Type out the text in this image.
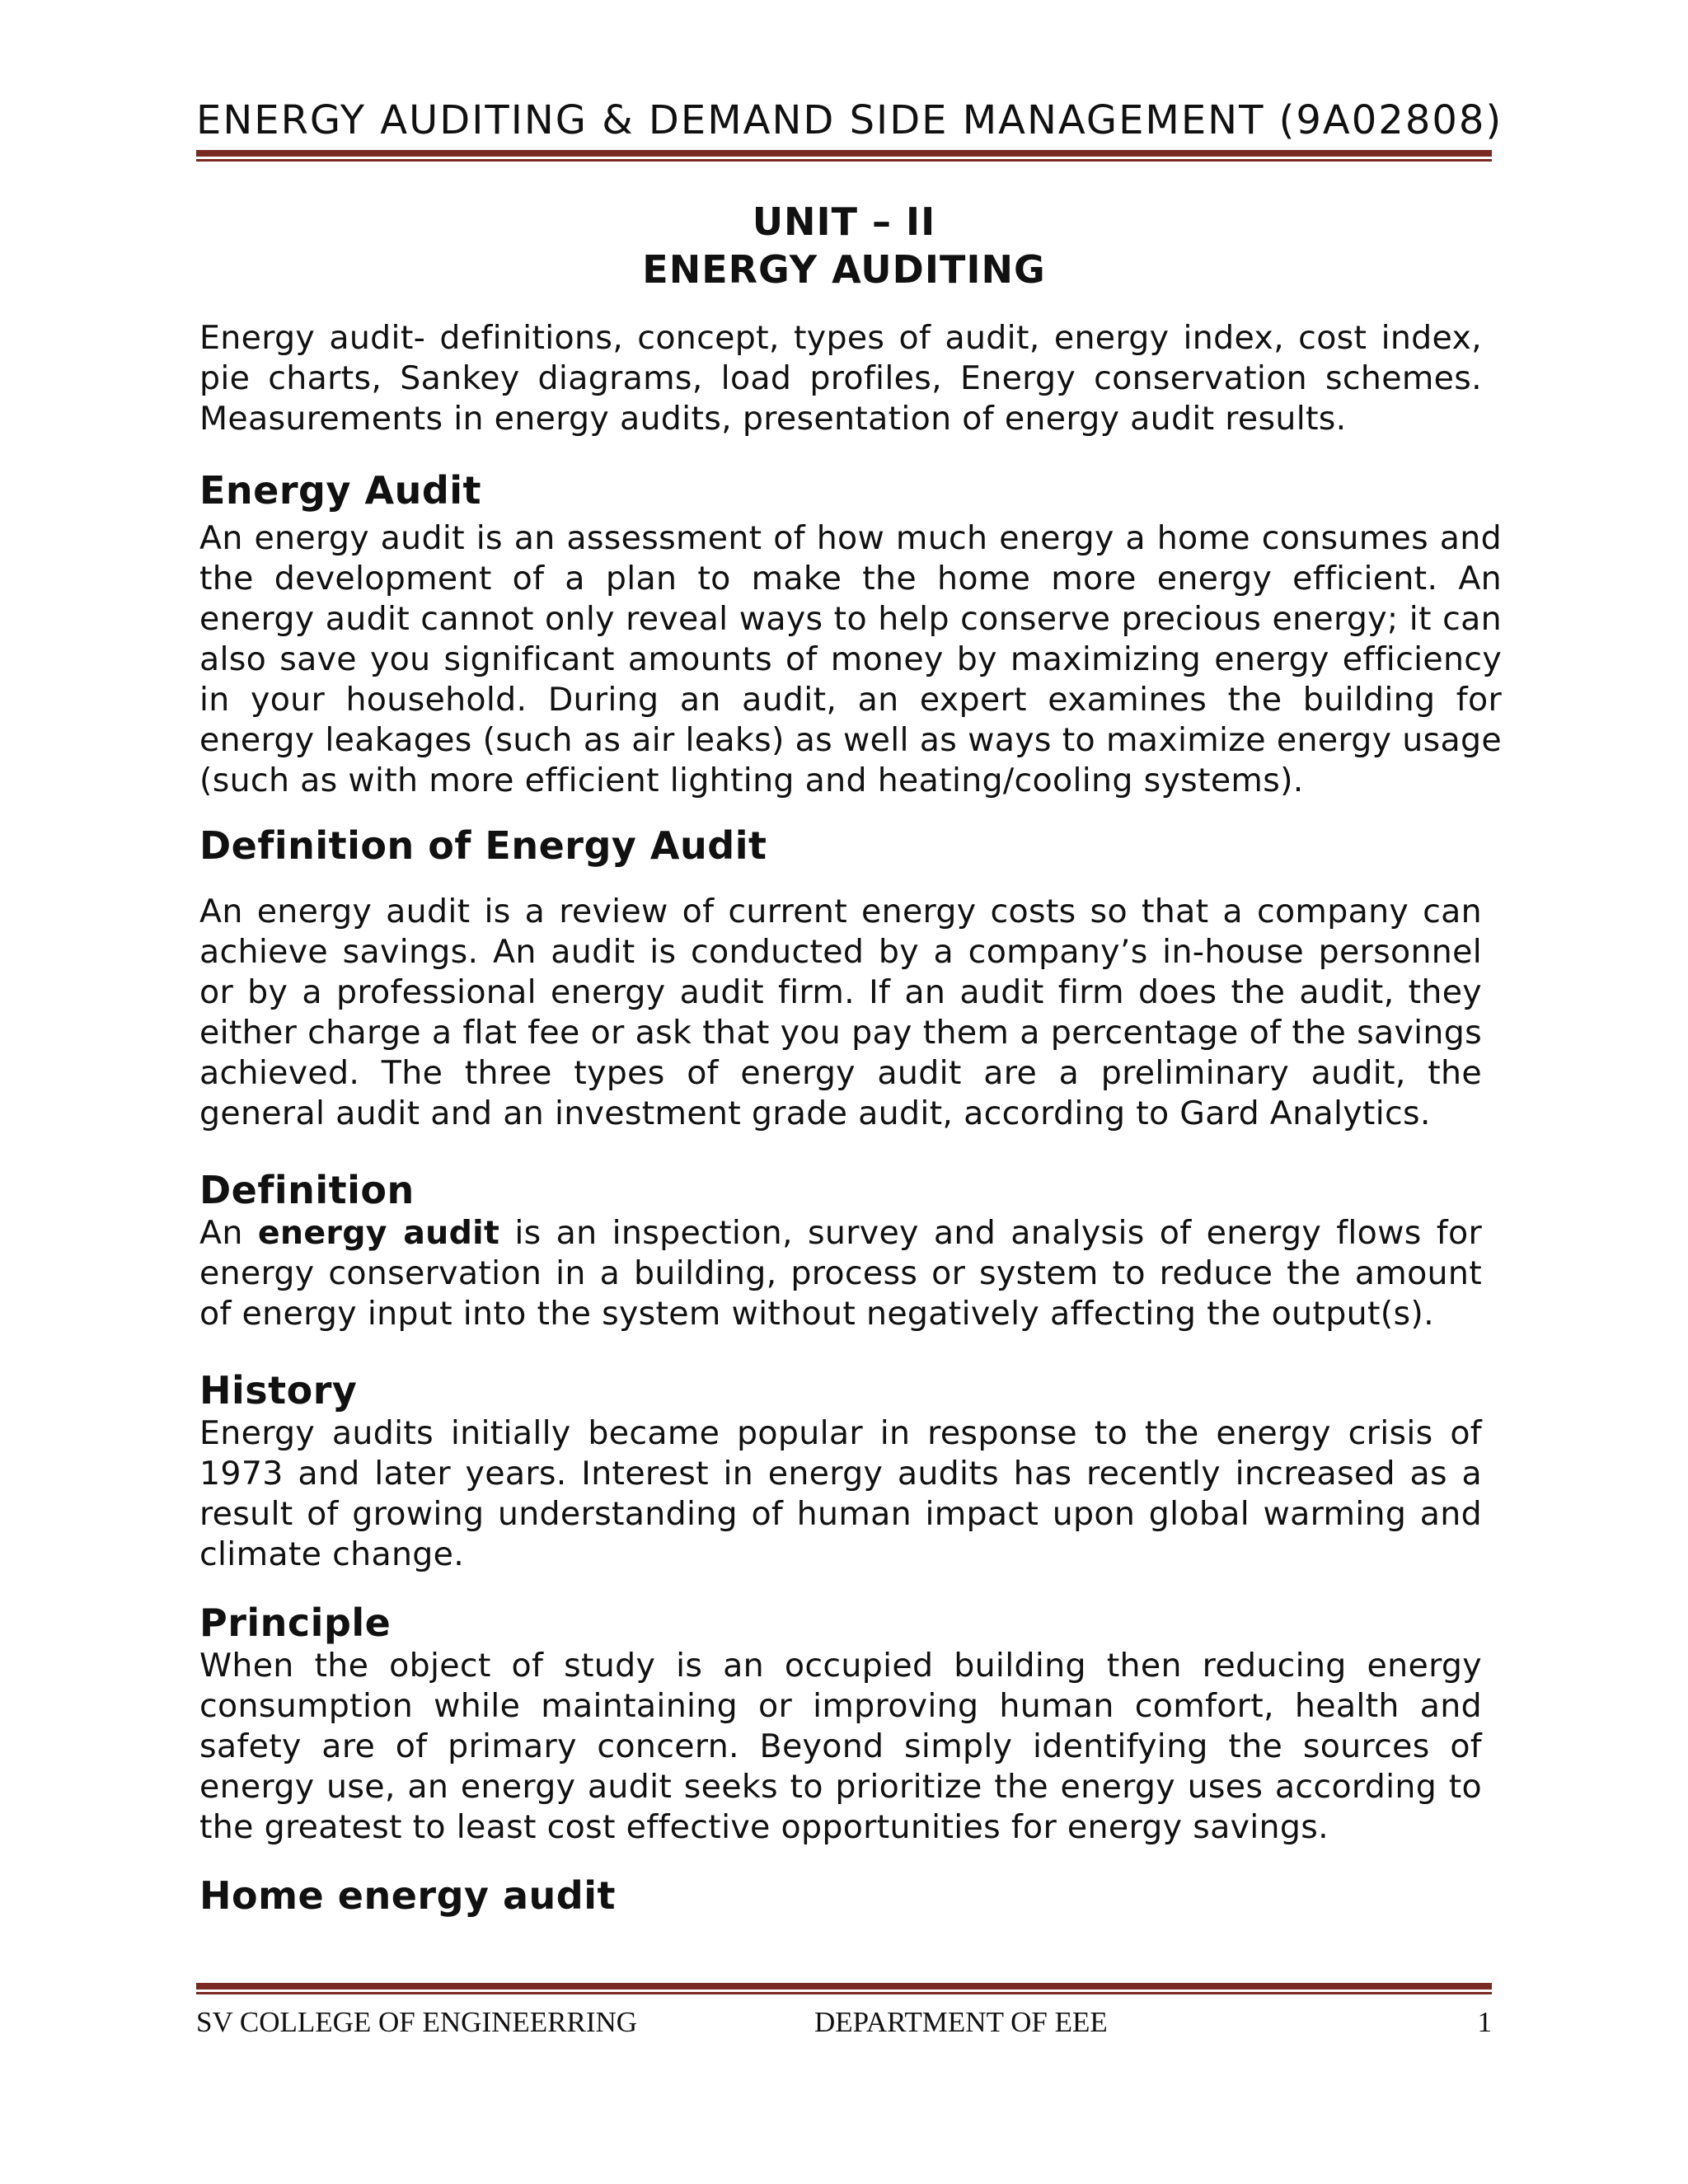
ENERGY AUDITING & DEMAND SIDE MANAGEMENT (9A02808)
UNIT – II
ENERGY AUDITING

Energy audit- definitions, concept, types of audit, energy index, cost index, pie charts, Sankey diagrams, load profiles, Energy conservation schemes. Measurements in energy audits, presentation of energy audit results.

Energy Audit

An energy audit is an assessment of how much energy a home consumes and the development of a plan to make the home more energy efficient. An energy audit cannot only reveal ways to help conserve precious energy; it can also save you significant amounts of money by maximizing energy efficiency in your household. During an audit, an expert examines the building for energy leakages (such as air leaks) as well as ways to maximize energy usage (such as with more efficient lighting and heating/cooling systems).

Definition of Energy Audit

An energy audit is a review of current energy costs so that a company can achieve savings. An audit is conducted by a company’s in-house personnel or by a professional energy audit firm. If an audit firm does the audit, they either charge a flat fee or ask that you pay them a percentage of the savings achieved. The three types of energy audit are a preliminary audit, the general audit and an investment grade audit, according to Gard Analytics.

Definition

An energy audit is an inspection, survey and analysis of energy flows for energy conservation in a building, process or system to reduce the amount of energy input into the system without negatively affecting the output(s).

History

Energy audits initially became popular in response to the energy crisis of 1973 and later years. Interest in energy audits has recently increased as a result of growing understanding of human impact upon global warming and climate change.

Principle

When the object of study is an occupied building then reducing energy consumption while maintaining or improving human comfort, health and safety are of primary concern. Beyond simply identifying the sources of energy use, an energy audit seeks to prioritize the energy uses according to the greatest to least cost effective opportunities for energy savings.

Home energy audit
SV COLLEGE OF ENGINEERRING	DEPARTMENT OF EEE	1
